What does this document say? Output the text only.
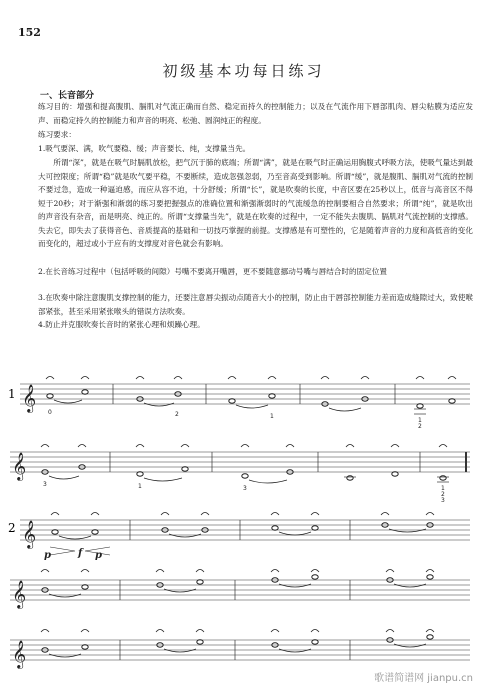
152
初级基本功每日练习
一、长音部分
练习目的：增强和提高腹肌、膈肌对气流正确而自然、稳定而持久的控制能力；以及在气流作用下唇部肌肉、唇尖粘膜为适应发声、而稳定持久的控制能力和声音的明亮、松弛、圆润纯正的程度。
练习要求：
1.吸气要深、满，吹气要稳、缓；声音要长、纯，支撑量当先。
所谓“深”，就是在吸气时膈肌放松，把气沉于肺的底端；所谓“满”，就是在吸气时正确运用胸腹式呼吸方法，使吸气量达到最大可控限度；所谓“稳”就是吹气要平稳，不要断续，造成忽强忽弱，乃至音高受到影响。所谓“缓”，就是腹肌、膈肌对气流的控制不要过急，造成一种逼迫感，而应从容不迫，十分舒缓；所谓“长”，就是吹奏的长度，中音区要在25秒以上，低音与高音区不得短于20秒；对于渐强和渐弱的练习要把握强点的准确位置和渐强渐弱时的气流缓急的控制要相合自然要求；所谓“纯”，就是吹出的声音没有杂音，而是明亮、纯正的。所谓“支撑量当先”，就是在吹奏的过程中，一定不能失去腹肌、膈肌对气流控制的支撑感。失去它，即失去了获得音色、音质提高的基础和一切技巧掌握的前提。支撑感是有可塑性的，它是随着声音的力度和高低音的变化而变化的，超过或小于应有的支撑度对音色就会有影响。
2.在长音练习过程中（包括呼吸的间隙）号嘴不要离开嘴唇，更不要随意挪动号嘴与唇结合时的固定位置
3.在吹奏中除注意腹肌支撑控制的能力，还要注意唇尖振动点随音大小的控制，防止由于唇部控制能力差而造成缝隙过大，致使喉部紧张，甚至采用紧张喉头的错误方法吹奏。
4.防止并克服吹奏长音时的紧张心理和烦躁心理。
𝄞
𝄞
𝄞
𝄞
𝄞
1
2
0	2	1
1
2
3	1	3	1
2
3
p	f p
歌谱简谱网 jianpu.cn
